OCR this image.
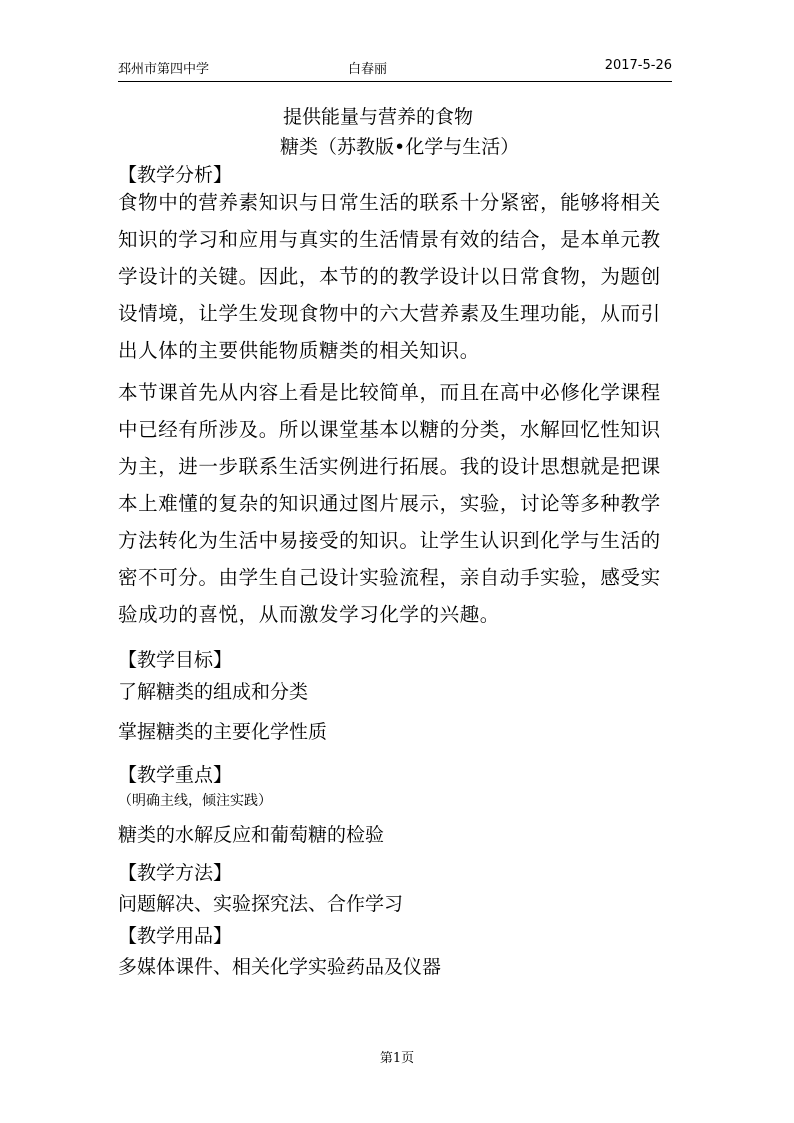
邳州市第四中学	白春丽	2017-5-26
提供能量与营养的食物
糖类（苏教版•化学与生活）
【教学分析】
食物中的营养素知识与日常生活的联系十分紧密，能够将相关
知识的学习和应用与真实的生活情景有效的结合，是本单元教
学设计的关键。因此，本节的的教学设计以日常食物，为题创
设情境，让学生发现食物中的六大营养素及生理功能，从而引
出人体的主要供能物质糖类的相关知识。
本节课首先从内容上看是比较简单，而且在高中必修化学课程
中已经有所涉及。所以课堂基本以糖的分类，水解回忆性知识
为主，进一步联系生活实例进行拓展。我的设计思想就是把课
本上难懂的复杂的知识通过图片展示，实验，讨论等多种教学
方法转化为生活中易接受的知识。让学生认识到化学与生活的
密不可分。由学生自己设计实验流程，亲自动手实验，感受实
验成功的喜悦，从而激发学习化学的兴趣。
【教学目标】
了解糖类的组成和分类
掌握糖类的主要化学性质
【教学重点】
（明确主线，倾注实践）
糖类的水解反应和葡萄糖的检验
【教学方法】
问题解决、实验探究法、合作学习
【教学用品】
多媒体课件、相关化学实验药品及仪器
第1页
